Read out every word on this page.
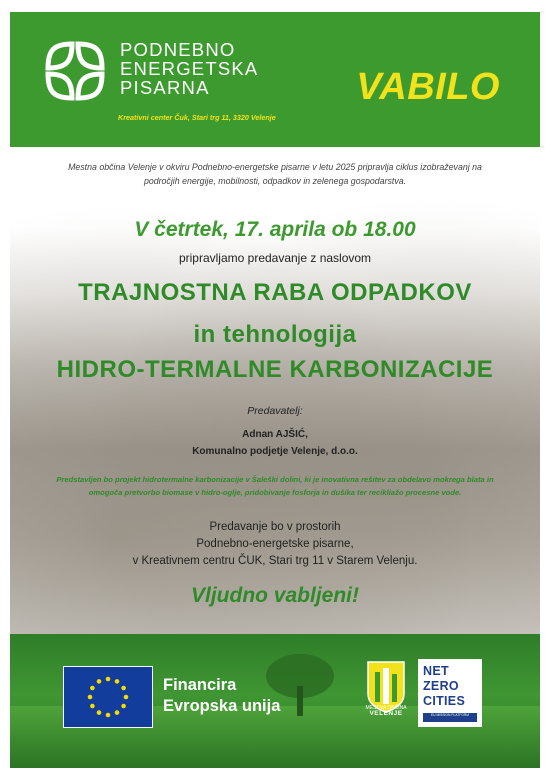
PODNEBNO
ENERGETSKA
PISARNA	VABILO
Kreativni center Čuk, Stari trg 11, 3320 Velenje
Mestna občina Velenje v okviru Podnebno-energetske pisarne v letu 2025 pripravlja ciklus izobraževanj na področjih energije, mobilnosti, odpadkov in zelenega gospodarstva.
V četrtek, 17. aprila ob 18.00
pripravljamo predavanje z naslovom
TRAJNOSTNA RABA ODPADKOV
in tehnologija
HIDRO-TERMALNE KARBONIZACIJE
Predavatelj:
Adnan AJŠIĆ,
Komunalno podjetje Velenje, d.o.o.
Predstavljen bo projekt hidrotermalne karbonizacije v Šaleški dolini, ki je inovativna rešitev za obdelavo mokrega blata in omogoča pretvorbo biomase v hidro-oglje, pridobivanje fosforja in dušika ter recikliažo procesne vode.
Predavanje bo v prostorih
Podnebno-energetske pisarne,
v Kreativnem centru ČUK, Stari trg 11 v Starem Velenju.
Vljudno vabljeni!
Financira
Evropska unija	MESTNA OBČINA
VELENJE
NET
ZERO
CITIES
EU MISSION PLATFORM
